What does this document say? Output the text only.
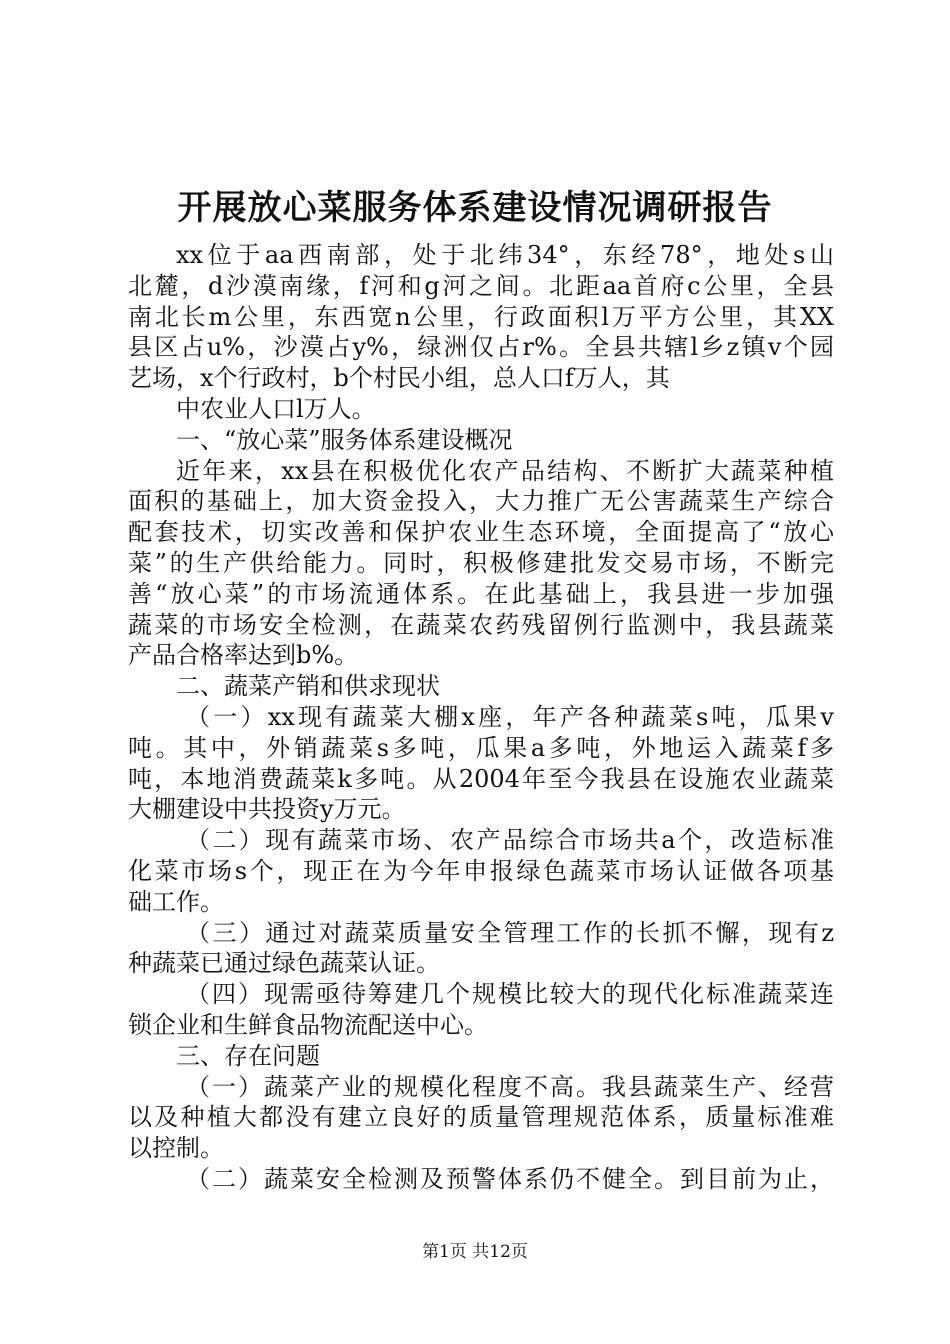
开展放心菜服务体系建设情况调研报告
xx位于aa西南部，处于北纬34°，东经78°，地处s山
北麓，d沙漠南缘，f河和g河之间。北距aa首府c公里，全县
南北长m公里，东西宽n公里，行政面积l万平方公里，其XX
县区占u%，沙漠占y%，绿洲仅占r%。全县共辖l乡z镇v个园
艺场，x个行政村，b个村民小组，总人口f万人，其
中农业人口l万人。
一、“放心菜”服务体系建设概况
近年来，xx县在积极优化农产品结构、不断扩大蔬菜种植
面积的基础上，加大资金投入，大力推广无公害蔬菜生产综合
配套技术，切实改善和保护农业生态环境，全面提高了“放心
菜”的生产供给能力。同时，积极修建批发交易市场，不断完
善“放心菜”的市场流通体系。在此基础上，我县进一步加强
蔬菜的市场安全检测，在蔬菜农药残留例行监测中，我县蔬菜
产品合格率达到b%。
二、蔬菜产销和供求现状
（一）xx现有蔬菜大棚x座，年产各种蔬菜s吨，瓜果v
吨。其中，外销蔬菜s多吨，瓜果a多吨，外地运入蔬菜f多
吨，本地消费蔬菜k多吨。从2004年至今我县在设施农业蔬菜
大棚建设中共投资y万元。
（二）现有蔬菜市场、农产品综合市场共a个，改造标准
化菜市场s个，现正在为今年申报绿色蔬菜市场认证做各项基
础工作。
（三）通过对蔬菜质量安全管理工作的长抓不懈，现有z
种蔬菜已通过绿色蔬菜认证。
（四）现需亟待筹建几个规模比较大的现代化标准蔬菜连
锁企业和生鲜食品物流配送中心。
三、存在问题
（一）蔬菜产业的规模化程度不高。我县蔬菜生产、经营
以及种植大都没有建立良好的质量管理规范体系，质量标准难
以控制。
（二）蔬菜安全检测及预警体系仍不健全。到目前为止，
第1页 共12页
